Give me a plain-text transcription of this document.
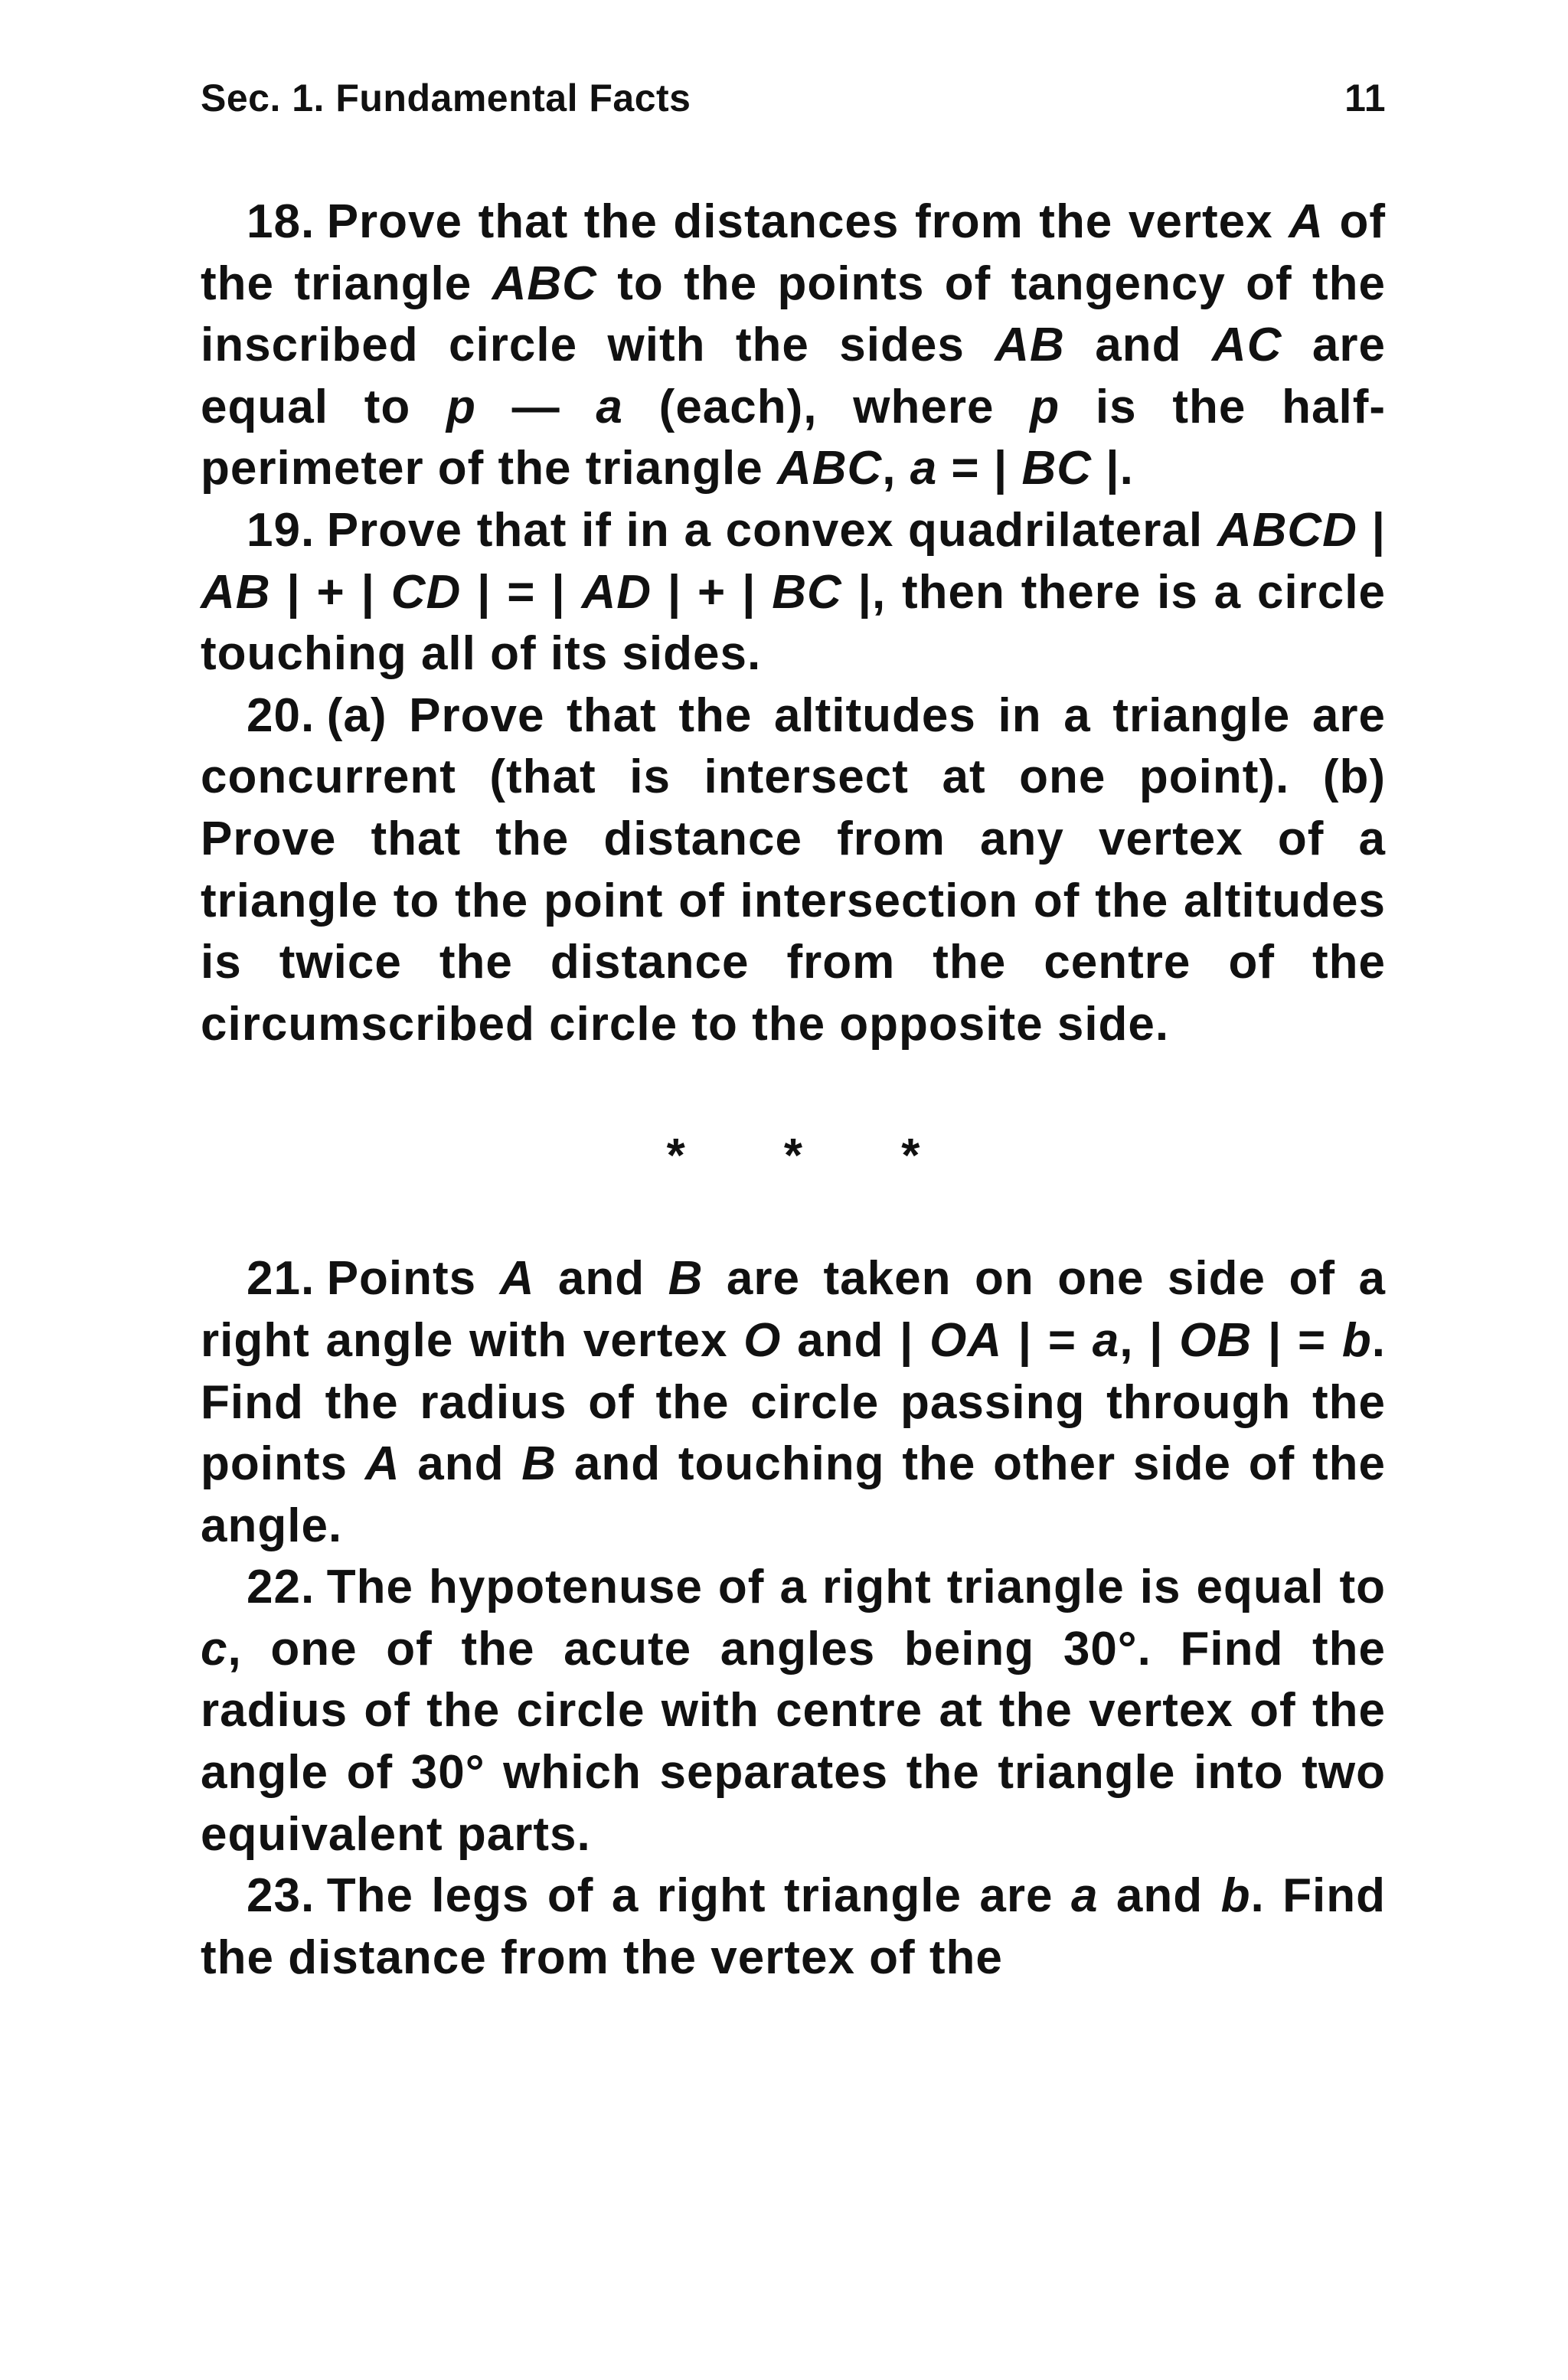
Sec. 1. Fundamental Facts	11

18. Prove that the distances from the vertex A of the triangle ABC to the points of tangency of the inscribed circle with the sides AB and AC are equal to p — a (each), where p is the half-perimeter of the triangle ABC, a = | BC |.

19. Prove that if in a convex quadrilateral ABCD | AB | + | CD | = | AD | + | BC |, then there is a circle touching all of its sides.

20. (a) Prove that the altitudes in a triangle are concurrent (that is intersect at one point). (b) Prove that the distance from any vertex of a triangle to the point of intersection of the altitudes is twice the distance from the centre of the circumscribed circle to the opposite side.

* * *

21. Points A and B are taken on one side of a right angle with vertex O and | OA | = a, | OB | = b. Find the radius of the circle passing through the points A and B and touching the other side of the angle.

22. The hypotenuse of a right triangle is equal to c, one of the acute angles being 30°. Find the radius of the circle with centre at the vertex of the angle of 30° which separates the triangle into two equivalent parts.

23. The legs of a right triangle are a and b. Find the distance from the vertex of the
